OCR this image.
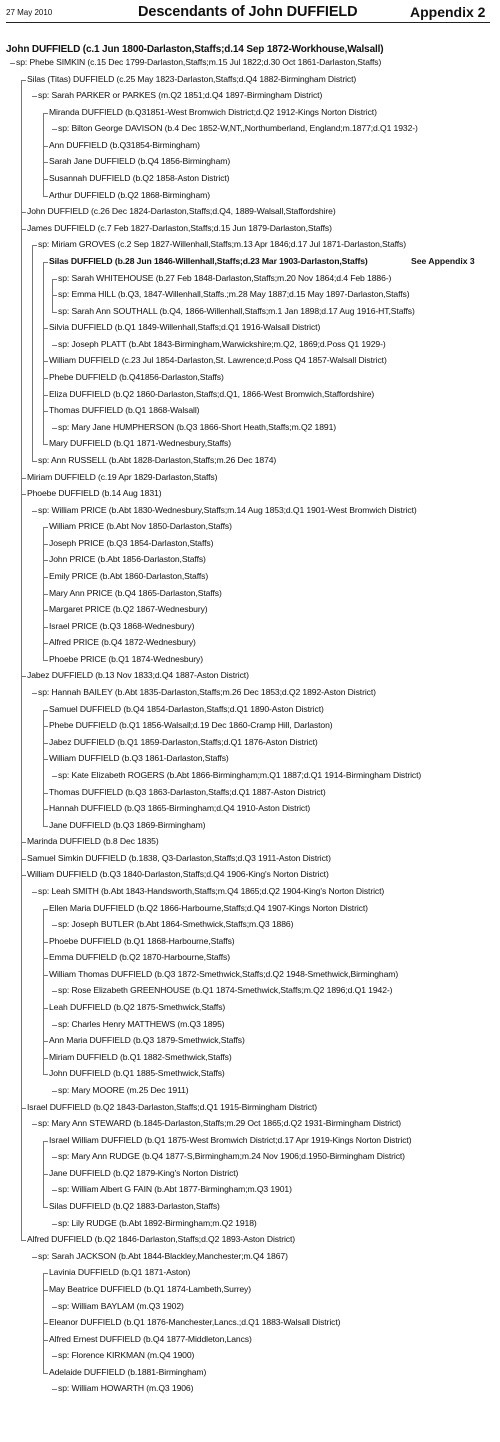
27 May 2010	Descendants of John DUFFIELD	Appendix 2
John DUFFIELD (c.1 Jun 1800-Darlaston,Staffs;d.14 Sep 1872-Workhouse,Walsall)
sp: Phebe SIMKIN (c.15 Dec 1799-Darlaston,Staffs;m.15 Jul 1822;d.30 Oct 1861-Darlaston,Staffs)
Silas (Titas) DUFFIELD (c.25 May 1823-Darlaston,Staffs;d.Q4 1882-Birmingham District)
sp: Sarah PARKER or PARKES (m.Q2 1851;d.Q4 1897-Birmingham District)
Miranda DUFFIELD (b.Q31851-West Bromwich District;d.Q2 1912-Kings Norton District)
sp: Bilton George DAVISON (b.4 Dec 1852-W,NT,,Northumberland, England;m.1877;d.Q1 1932-)
Ann DUFFIELD (b.Q31854-Birmingham)
Sarah Jane DUFFIELD (b.Q4 1856-Birmingham)
Susannah DUFFIELD (b.Q2 1858-Aston District)
Arthur DUFFIELD (b.Q2 1868-Birmingham)
John DUFFIELD (c.26 Dec 1824-Darlaston,Staffs;d.Q4, 1889-Walsall,Staffordshire)
James DUFFIELD (c.7 Feb 1827-Darlaston,Staffs;d.15 Jun 1879-Darlaston,Staffs)
sp: Miriam GROVES (c.2 Sep 1827-Willenhall,Staffs;m.13 Apr 1846;d.17 Jul 1871-Darlaston,Staffs)
Silas DUFFIELD (b.28 Jun 1846-Willenhall,Staffs;d.23 Mar 1903-Darlaston,Staffs)	See Appendix 3
sp: Sarah WHITEHOUSE (b.27 Feb 1848-Darlaston,Staffs;m.20 Nov 1864;d.4 Feb 1886-)
sp: Emma HILL (b.Q3, 1847-Willenhall,Staffs.;m.28 May 1887;d.15 May 1897-Darlaston,Staffs)
sp: Sarah Ann SOUTHALL (b.Q4, 1866-Willenhall,Staffs;m.1 Jan 1898;d.17 Aug 1916-HT,Staffs)
Silvia DUFFIELD (b.Q1 1849-Willenhall,Staffs;d.Q1 1916-Walsall District)
sp: Joseph PLATT (b.Abt 1843-Birmingham,Warwickshire;m.Q2, 1869;d.Poss Q1 1929-)
William DUFFIELD (c.23 Jul 1854-Darlaston,St. Lawrence;d.Poss Q4 1857-Walsall District)
Phebe DUFFIELD (b.Q41856-Darlaston,Staffs)
Eliza DUFFIELD (b.Q2 1860-Darlaston,Staffs;d.Q1, 1866-West Bromwich,Staffordshire)
Thomas DUFFIELD (b.Q1 1868-Walsall)
sp: Mary Jane HUMPHERSON (b.Q3 1866-Short Heath,Staffs;m.Q2 1891)
Mary DUFFIELD (b.Q1 1871-Wednesbury,Staffs)
sp: Ann RUSSELL (b.Abt 1828-Darlaston,Staffs;m.26 Dec 1874)
Miriam DUFFIELD (c.19 Apr 1829-Darlaston,Staffs)
Phoebe DUFFIELD (b.14 Aug 1831)
sp: William PRICE (b.Abt 1830-Wednesbury,Staffs;m.14 Aug 1853;d.Q1 1901-West Bromwich District)
William PRICE (b.Abt Nov 1850-Darlaston,Staffs)
Joseph PRICE (b.Q3 1854-Darlaston,Staffs)
John PRICE (b.Abt 1856-Darlaston,Staffs)
Emily PRICE (b.Abt 1860-Darlaston,Staffs)
Mary Ann PRICE (b.Q4 1865-Darlaston,Staffs)
Margaret PRICE (b.Q2 1867-Wednesbury)
Israel PRICE (b.Q3 1868-Wednesbury)
Alfred PRICE (b.Q4 1872-Wednesbury)
Phoebe PRICE (b.Q1 1874-Wednesbury)
Jabez DUFFIELD (b.13 Nov 1833;d.Q4 1887-Aston District)
sp: Hannah BAILEY (b.Abt 1835-Darlaston,Staffs;m.26 Dec 1853;d.Q2 1892-Aston District)
Samuel DUFFIELD (b.Q4 1854-Darlaston,Staffs;d.Q1 1890-Aston District)
Phebe DUFFIELD (b.Q1 1856-Walsall;d.19 Dec 1860-Cramp Hill, Darlaston)
Jabez DUFFIELD (b.Q1 1859-Darlaston,Staffs;d.Q1 1876-Aston District)
William DUFFIELD (b.Q3 1861-Darlaston,Staffs)
sp: Kate Elizabeth ROGERS (b.Abt 1866-Birmingham;m.Q1 1887;d.Q1 1914-Birmingham District)
Thomas DUFFIELD (b.Q3 1863-Darlaston,Staffs;d.Q1 1887-Aston District)
Hannah DUFFIELD (b.Q3 1865-Birmingham;d.Q4 1910-Aston District)
Jane DUFFIELD (b.Q3 1869-Birmingham)
Marinda DUFFIELD (b.8 Dec 1835)
Samuel Simkin DUFFIELD (b.1838, Q3-Darlaston,Staffs;d.Q3 1911-Aston District)
William DUFFIELD (b.Q3 1840-Darlaston,Staffs;d.Q4 1906-King's Norton District)
sp: Leah SMITH (b.Abt 1843-Handsworth,Staffs;m.Q4 1865;d.Q2 1904-King's Norton District)
Ellen Maria DUFFIELD (b.Q2 1866-Harbourne,Staffs;d.Q4 1907-Kings Norton District)
sp: Joseph BUTLER (b.Abt 1864-Smethwick,Staffs;m.Q3 1886)
Phoebe DUFFIELD (b.Q1 1868-Harbourne,Staffs)
Emma DUFFIELD (b.Q2 1870-Harbourne,Staffs)
William Thomas DUFFIELD (b.Q3 1872-Smethwick,Staffs;d.Q2 1948-Smethwick,Birmingham)
sp: Rose Elizabeth GREENHOUSE (b.Q1 1874-Smethwick,Staffs;m.Q2 1896;d.Q1 1942-)
Leah DUFFIELD (b.Q2 1875-Smethwick,Staffs)
sp: Charles Henry MATTHEWS (m.Q3 1895)
Ann Maria DUFFIELD (b.Q3 1879-Smethwick,Staffs)
Miriam DUFFIELD (b.Q1 1882-Smethwick,Staffs)
John DUFFIELD (b.Q1 1885-Smethwick,Staffs)
sp: Mary MOORE (m.25 Dec 1911)
Israel DUFFIELD (b.Q2 1843-Darlaston,Staffs;d.Q1 1915-Birmingham District)
sp: Mary Ann STEWARD (b.1845-Darlaston,Staffs;m.29 Oct 1865;d.Q2 1931-Birmingham District)
Israel William DUFFIELD (b.Q1 1875-West Bromwich District;d.17 Apr 1919-Kings Norton District)
sp: Mary Ann RUDGE (b.Q4 1877-S,Birmingham;m.24 Nov 1906;d.1950-Birmingham District)
Jane DUFFIELD (b.Q2 1879-King's Norton District)
sp: William Albert G FAIN (b.Abt 1877-Birmingham;m.Q3 1901)
Silas DUFFIELD (b.Q2 1883-Darlaston,Staffs)
sp: Lily RUDGE (b.Abt 1892-Birmingham;m.Q2 1918)
Alfred DUFFIELD (b.Q2 1846-Darlaston,Staffs;d.Q2 1893-Aston District)
sp: Sarah JACKSON (b.Abt 1844-Blackley,Manchester;m.Q4 1867)
Lavinia DUFFIELD (b.Q1 1871-Aston)
May Beatrice DUFFIELD (b.Q1 1874-Lambeth,Surrey)
sp: William BAYLAM (m.Q3 1902)
Eleanor DUFFIELD (b.Q1 1876-Manchester,Lancs.;d.Q1 1883-Walsall District)
Alfred Ernest DUFFIELD (b.Q4 1877-Middleton,Lancs)
sp: Florence KIRKMAN (m.Q4 1900)
Adelaide DUFFIELD (b.1881-Birmingham)
sp: William HOWARTH (m.Q3 1906)
